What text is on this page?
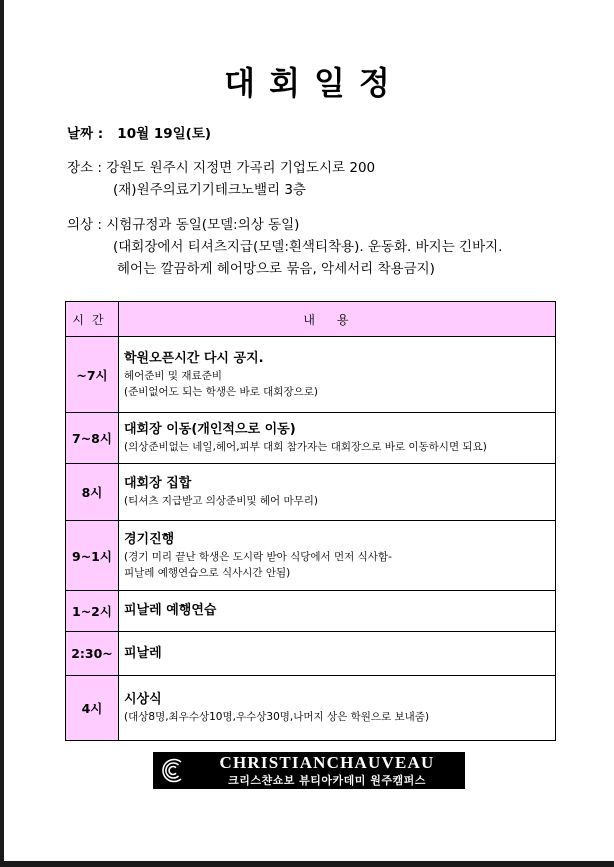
대회일정
날짜 : 10월 19일(토)
장소 : 강원도 원주시 지정면 가곡리 기업도시로 200
(재)원주의료기기테크노밸리 3층
의상 : 시험규정과 동일(모델:의상 동일)
(대회장에서 티셔츠지급(모델:흰색티착용). 운동화. 바지는 긴바지.
헤어는 깔끔하게 헤어망으로 묶음, 악세서리 착용금지)
시간	내용
~7시	학원오픈시간 다시 공지.
헤어준비 및 재료준비
(준비없어도 되는 학생은 바로 대회장으로)

7~8시	대회장 이동(개인적으로 이동)
(의상준비없는 네일,헤어,피부 대회 참가자는 대회장으로 바로 이동하시면 되요)

8시	대회장 집합
(티셔츠 지급받고 의상준비및 헤어 마무리)

9~1시	경기진행
(경기 미리 끝난 학생은 도시락 받아 식당에서 먼저 식사함-
피날레 예행연습으로 식사시간 안됨)

1~2시	피날레 예행연습

2:30~	피날레

4시	시상식
(대상8명,최우수상10명,우수상30명,나머지 상은 학원으로 보내줌)
CHRISTIANCHAUVEAU
크리스챤쇼보 뷰티아카데미 원주캠퍼스
